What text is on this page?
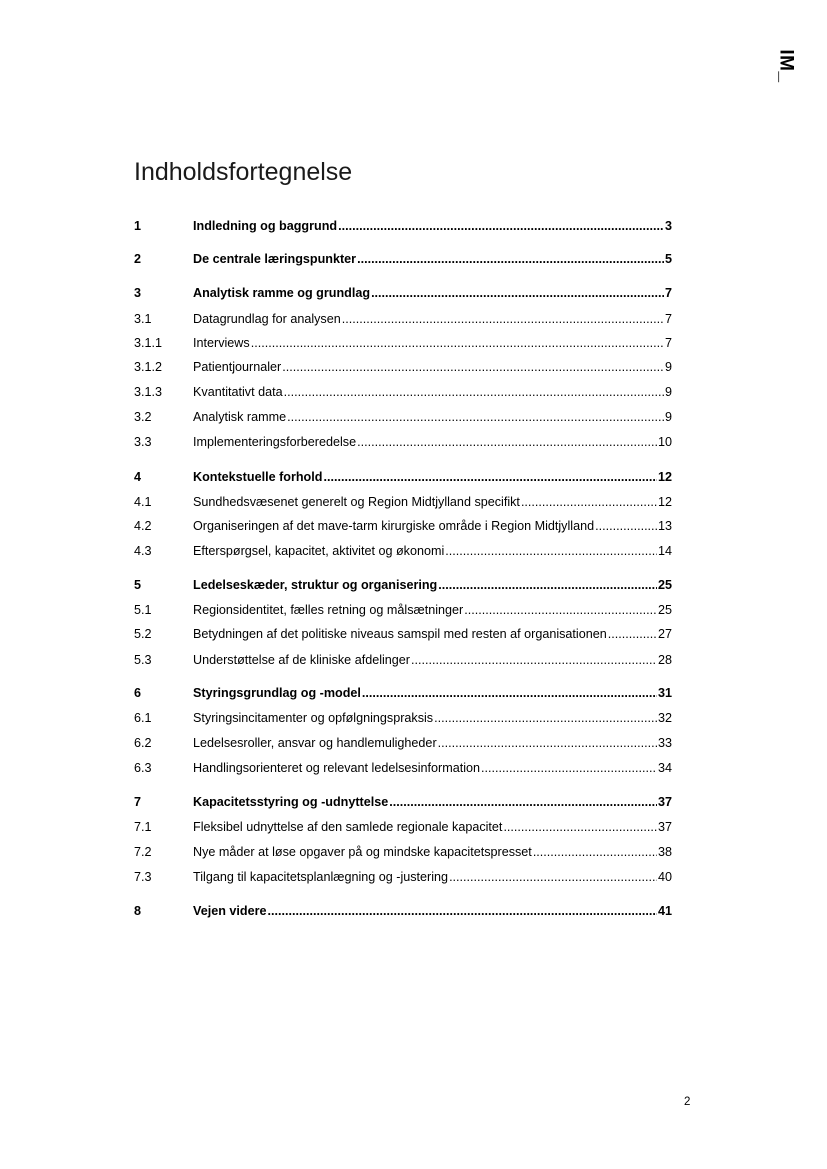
IM_
Indholdsfortegnelse
1	Indledning og baggrund .....	3
2	De centrale læringspunkter .....	5
3	Analytisk ramme og grundlag .....	7
3.1	Datagrundlag for analysen .....	7
3.1.1	Interviews .....	7
3.1.2	Patientjournaler .....	9
3.1.3	Kvantitativt data .....	9
3.2	Analytisk ramme .....	9
3.3	Implementeringsforberedelse .....	10
4	Kontekstuelle forhold .....	12
4.1	Sundhedsvæsenet generelt og Region Midtjylland specifikt .....	12
4.2	Organiseringen af det mave-tarm kirurgiske område i Region Midtjylland .....	13
4.3	Efterspørgsel, kapacitet, aktivitet og økonomi .....	14
5	Ledelseskæder, struktur og organisering .....	25
5.1	Regionsidentitet, fælles retning og målsætninger .....	25
5.2	Betydningen af det politiske niveaus samspil med resten af organisationen .....	27
5.3	Understøttelse af de kliniske afdelinger .....	28
6	Styringsgrundlag og -model .....	31
6.1	Styringsincitamenter og opfølgningspraksis .....	32
6.2	Ledelsesroller, ansvar og handlemuligheder .....	33
6.3	Handlingsorienteret og relevant ledelsesinformation .....	34
7	Kapacitetsstyring og -udnyttelse .....	37
7.1	Fleksibel udnyttelse af den samlede regionale kapacitet .....	37
7.2	Nye måder at løse opgaver på og mindske kapacitetspresset .....	38
7.3	Tilgang til kapacitetsplanlægning og -justering .....	40
8	Vejen videre .....	41
2
